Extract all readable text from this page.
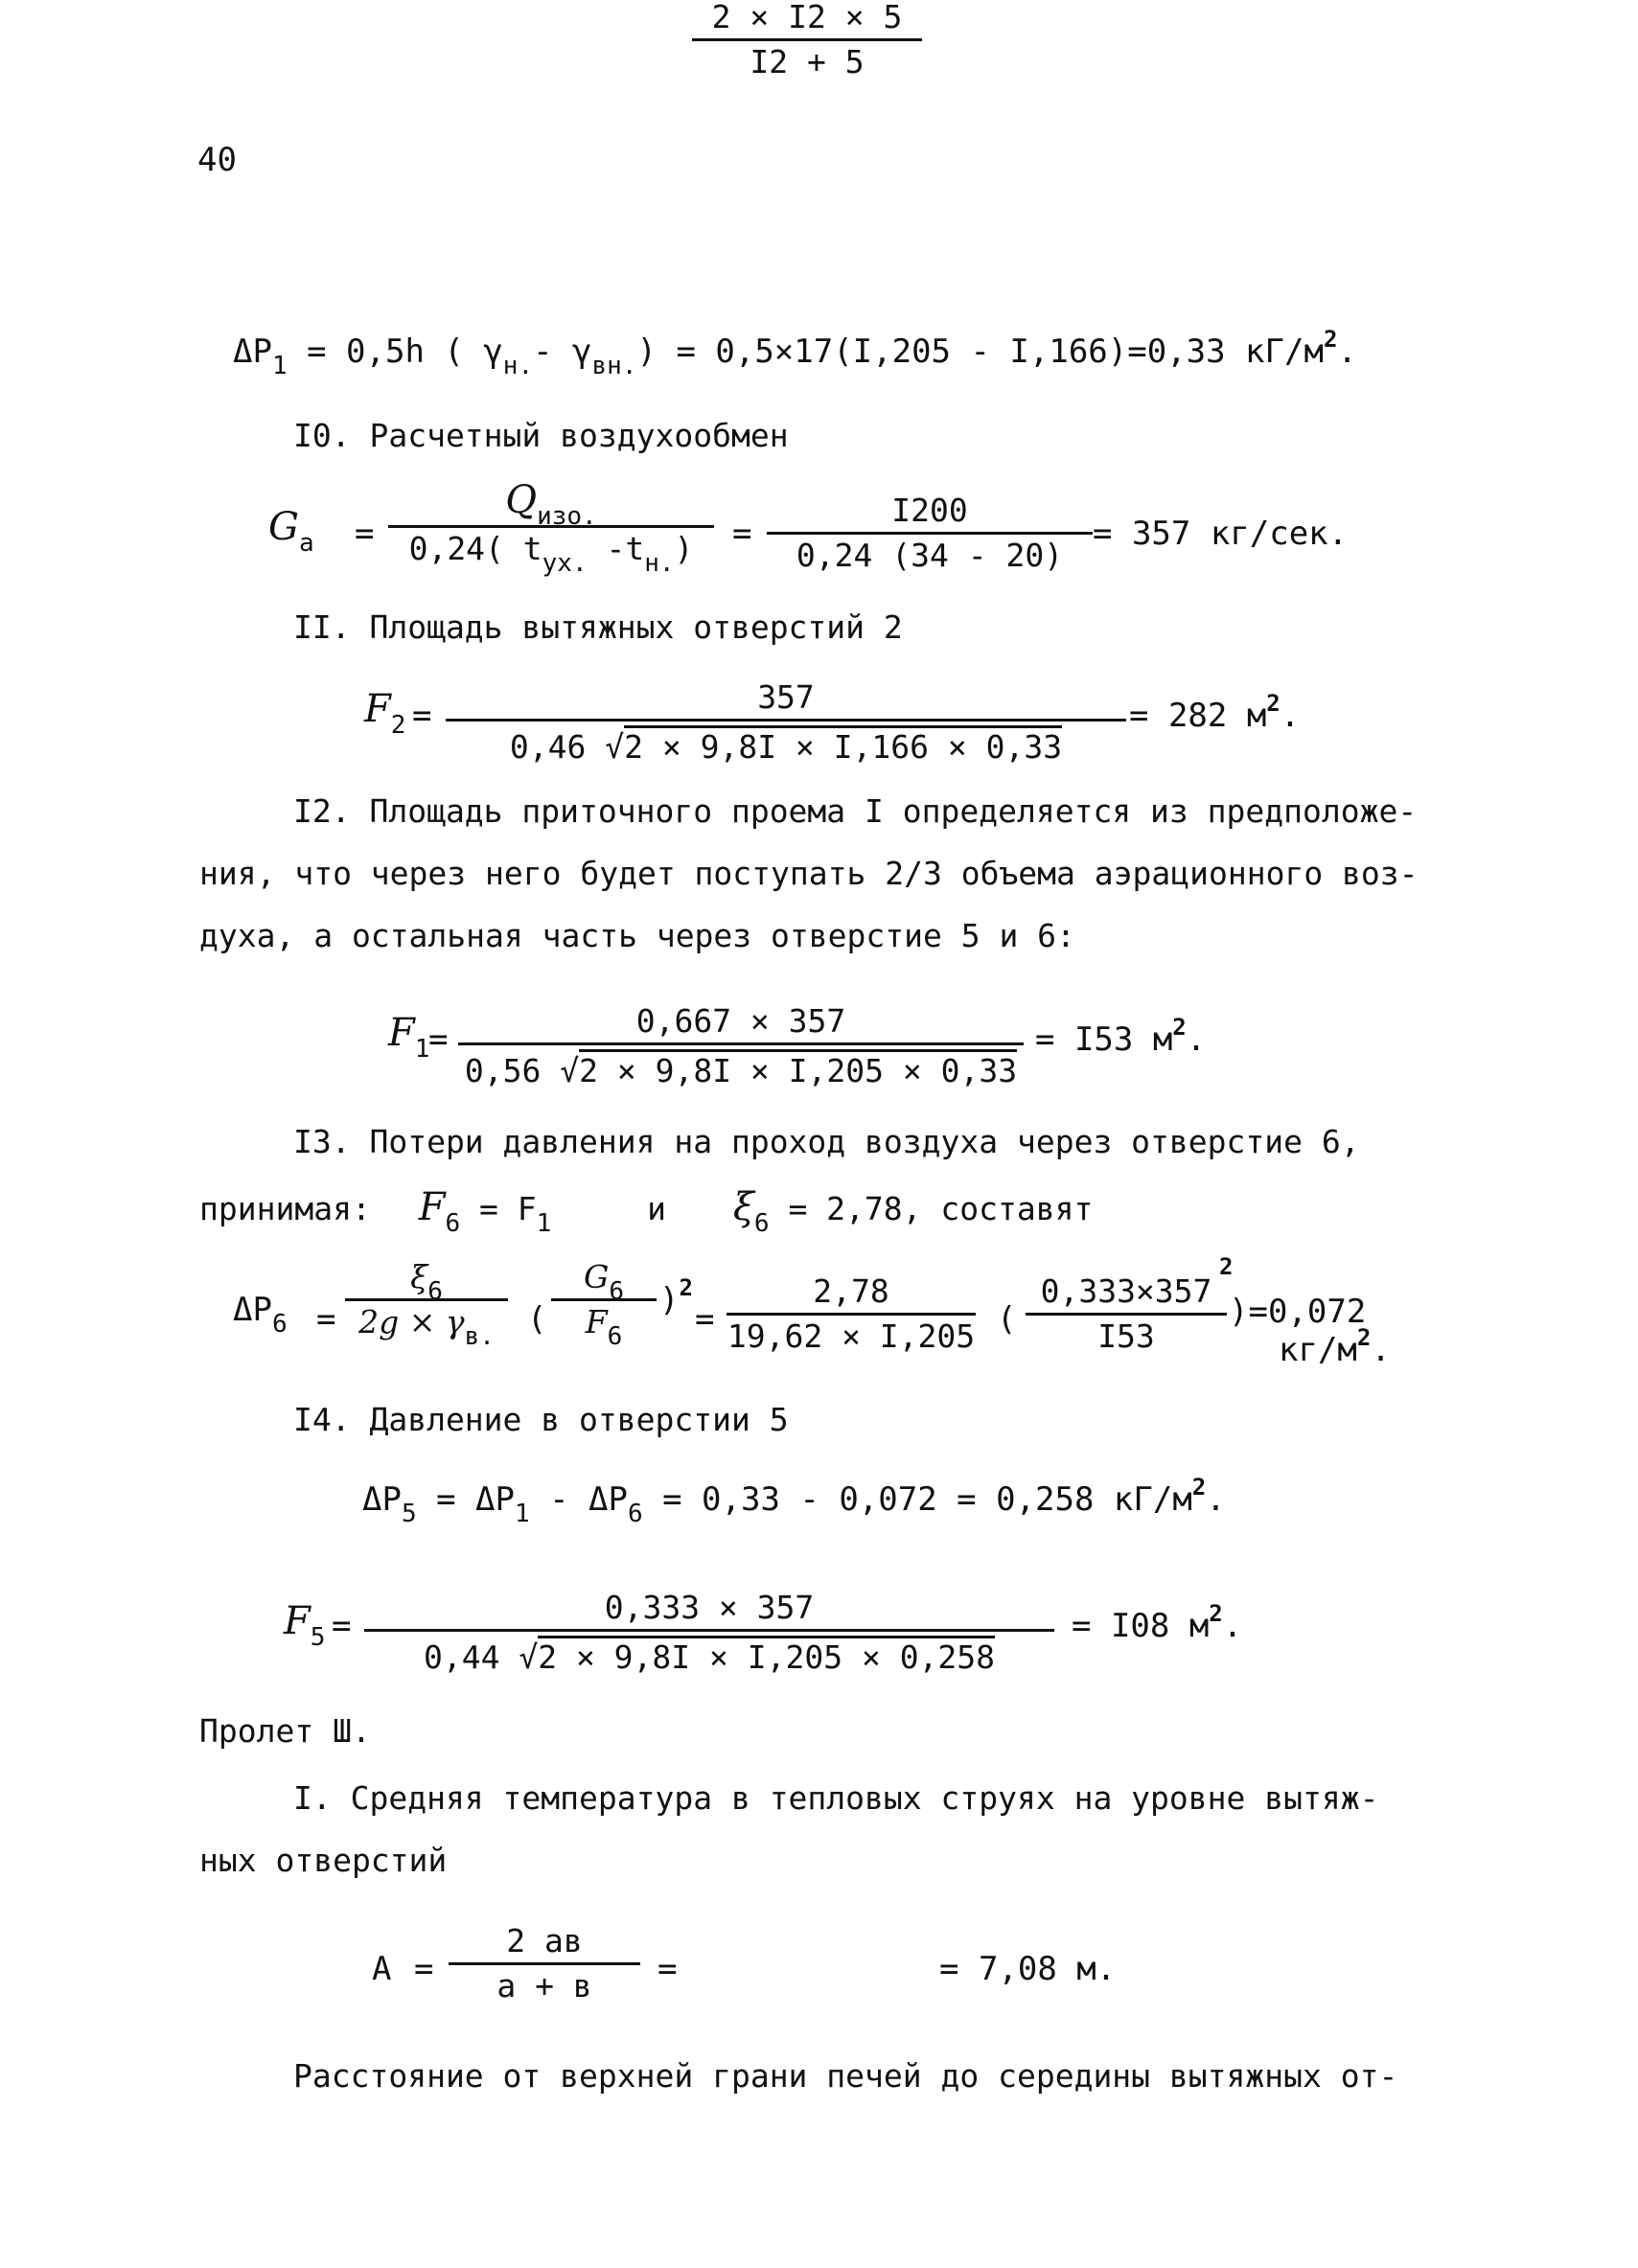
40
$\Delta P_1 = 0,5h$ ( $\gamma_{н.}-$ $\gamma_{вн.}) = 0,5\times 17(I,205 - I,166)=0,33$ $кГ/м^2$.
I0. Расчетный воздухообмен
$G_a$ =
$Q_{изо.}$
0,24( $t_{ух.}$ $-t_{н.}$)	=
I200
0,24 (34 - 20)
= 357 кг/сек.
II. Площадь вытяжных отверстий 2
$F_2$ =	357
0,46 √2 × 9,8I × I,166 × 0,33
= 282 $м^2$.
I2. Площадь приточного проема I определяется из предположе-
ния, что через него будет поступать 2/3 объема аэрационного воз-
духа, а остальная часть через отверстие 5 и 6:
$F_1$
=	0,667 × 357
0,56 √2 × 9,8I × I,205 × 0,33
= I53 $м^2$.
I3. Потери давления на проход воздуха через отверстие 6,
принимая: $F_6 = F_1$	и $\xi_6 = 2,78$, составят
$\Delta P_6$ =
$\xi_6$
$2g \times \gamma_{в.}$	(
$G_6$
$F_6$
)$^2$
=
2,78
19,62 × I,205 (
0,333×357
I53
$^2$
)=0,072
$кг/м^2$.
I4. Давление в отверстии 5
$\Delta P_5 = \Delta P_1 - \Delta P_6 = 0,33 - 0,072 = 0,258$ $кГ/м^2$.
$F_5$ =	0,333 × 357
0,44 √2 × 9,8I × I,205 × 0,258
= I08 $м^2$.
Пролет Ш.
I. Средняя температура в тепловых струях на уровне вытяж-
ных отверстий
A =
2 ав
а + в	=
2 × I2 × 5
I2 + 5
= 7,08 м.
Расстояние от верхней грани печей до середины вытяжных от-
